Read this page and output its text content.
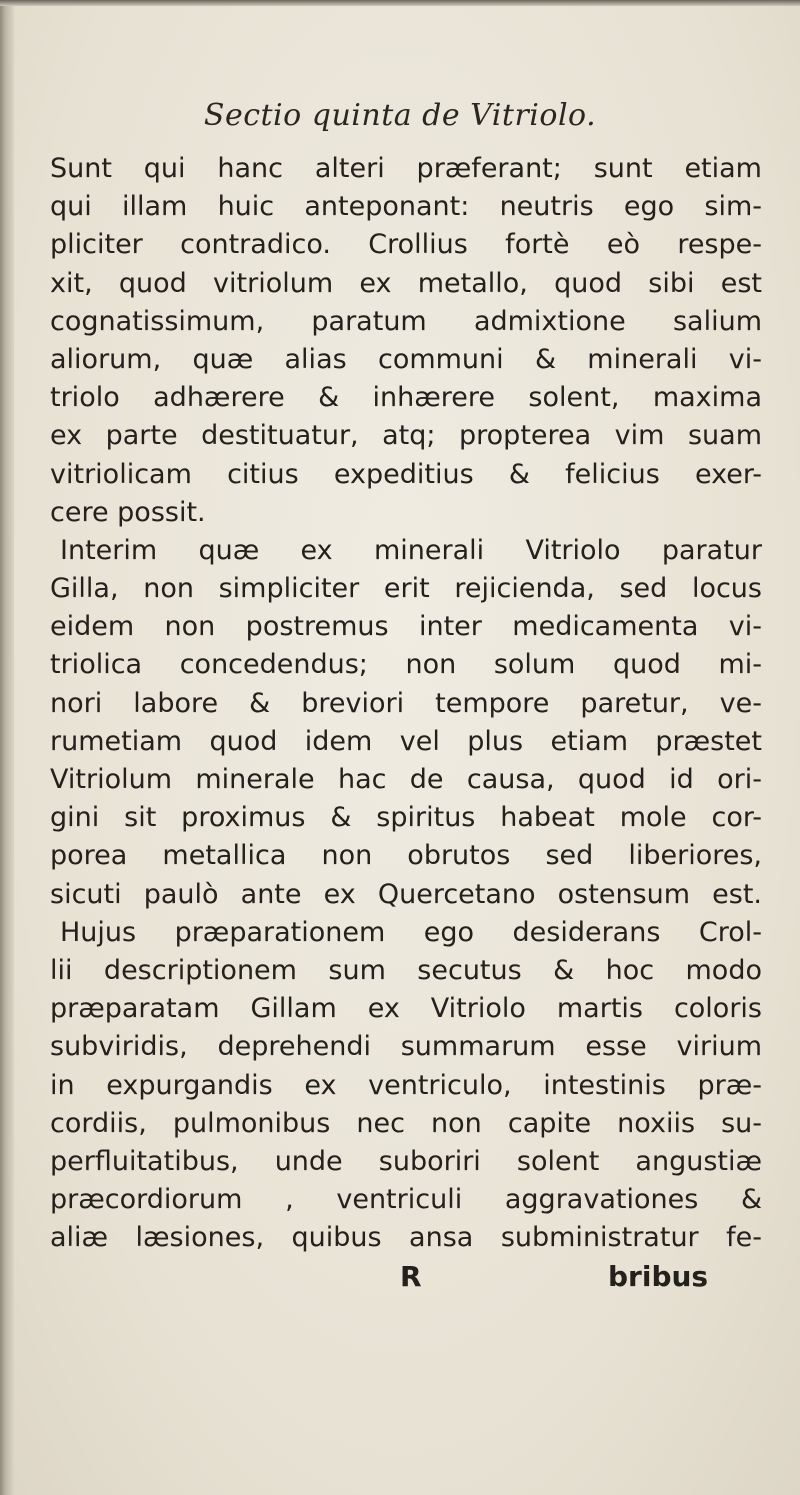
Sectio quinta de Vitriolo.
Sunt qui hanc alteri præferant; sunt etiam
qui illam huic anteponant: neutris ego sim-
pliciter contradico. Crollius fortè eò respe-
xit, quod vitriolum ex metallo, quod sibi est
cognatissimum, paratum admixtione salium
aliorum, quæ alias communi & minerali vi-
triolo adhærere & inhærere solent, maxima
ex parte destituatur, atq; propterea vim suam
vitriolicam citius expeditius & felicius exer-
cere possit.
Interim quæ ex minerali Vitriolo paratur
Gilla, non simpliciter erit rejicienda, sed locus
eidem non postremus inter medicamenta vi-
triolica concedendus; non solum quod mi-
nori labore & breviori tempore paretur, ve-
rumetiam quod idem vel plus etiam præstet
Vitriolum minerale hac de causa, quod id ori-
gini sit proximus & spiritus habeat mole cor-
porea metallica non obrutos sed liberiores,
sicuti paulò ante ex Quercetano ostensum est.
Hujus præparationem ego desiderans Crol-
lii descriptionem sum secutus & hoc modo
præparatam Gillam ex Vitriolo martis coloris
subviridis, deprehendi summarum esse virium
in expurgandis ex ventriculo, intestinis præ-
cordiis, pulmonibus nec non capite noxiis su-
perfluitatibus, unde suboriri solent angustiæ
præcordiorum , ventriculi aggravationes &
aliæ læsiones, quibus ansa subministratur fe-
R	bribus
